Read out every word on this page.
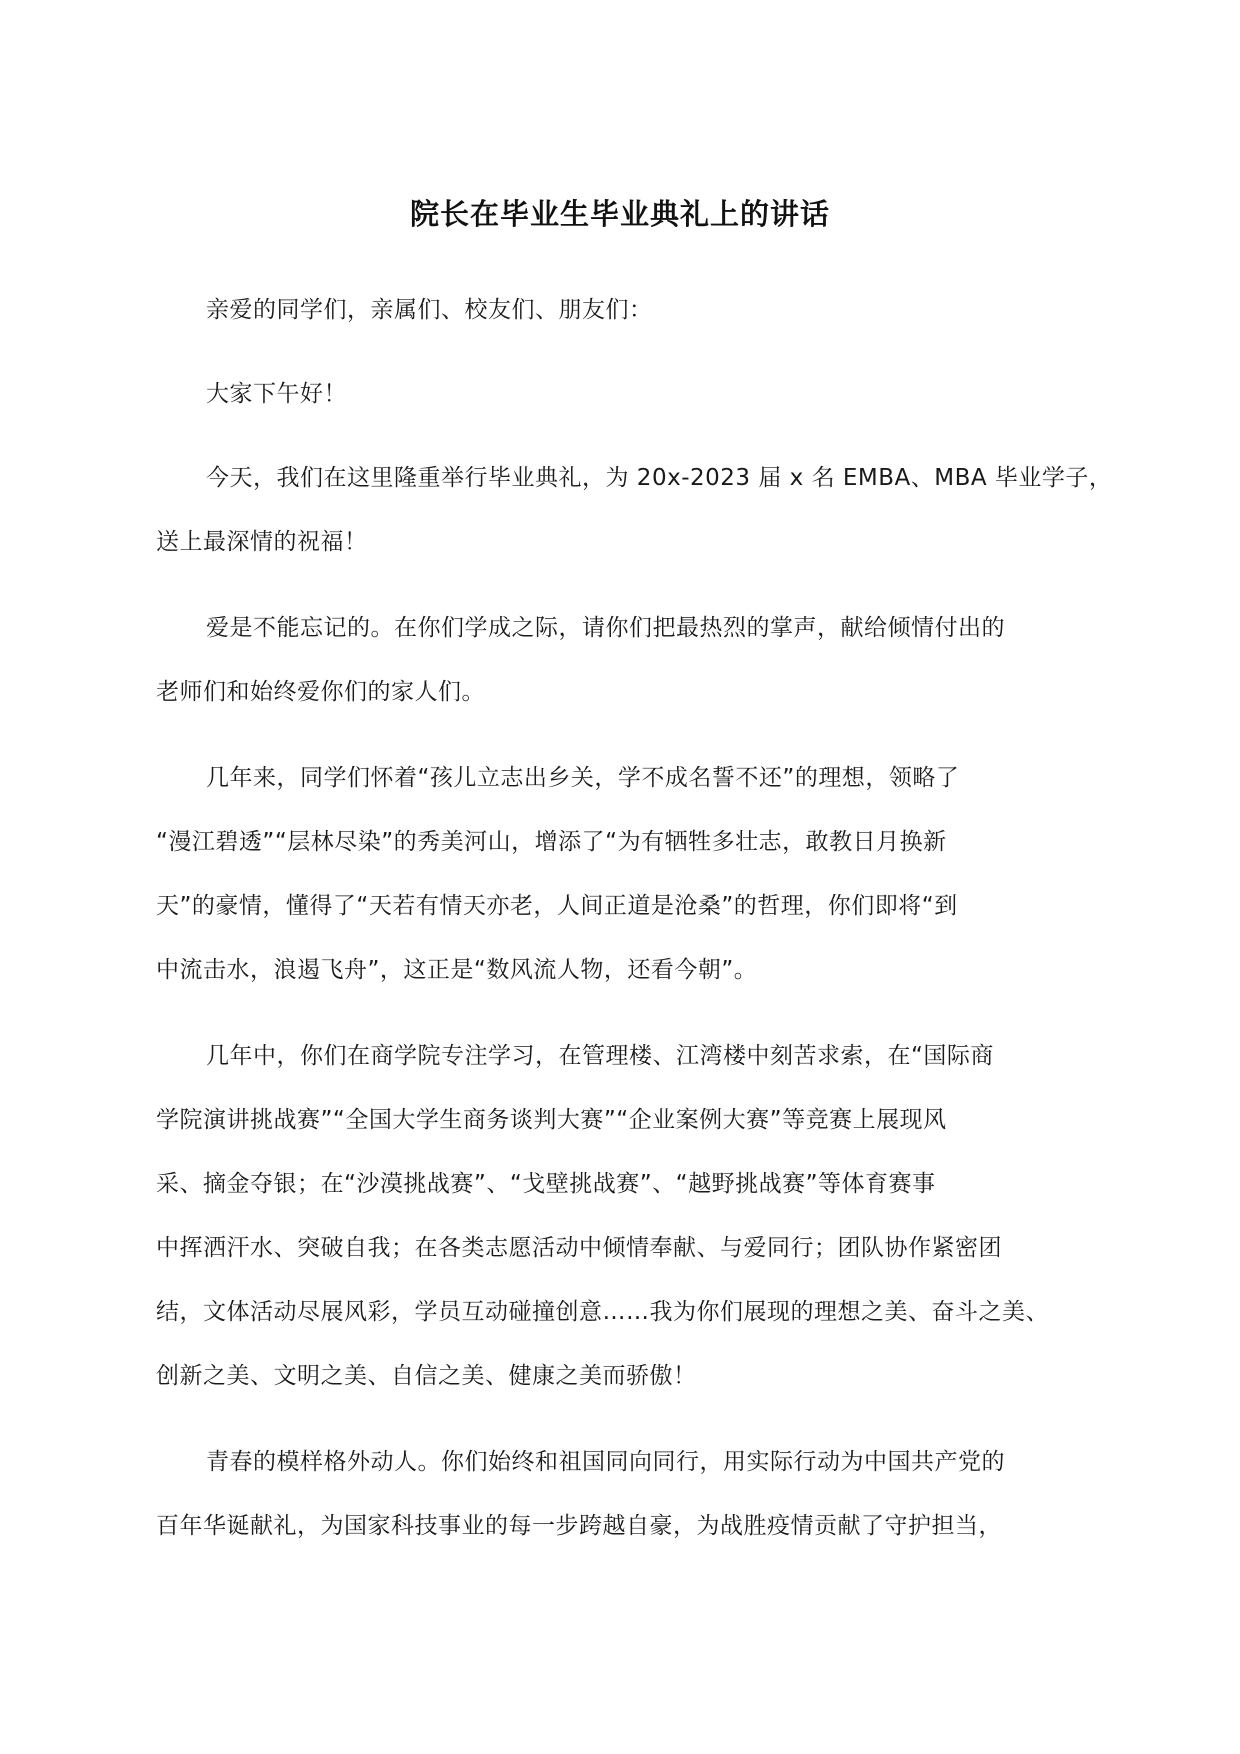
院长在毕业生毕业典礼上的讲话

亲爱的同学们，亲属们、校友们、朋友们：

大家下午好！

今天，我们在这里隆重举行毕业典礼，为 20x-2023 届 x 名 EMBA、MBA 毕业学子，
送上最深情的祝福！

爱是不能忘记的。在你们学成之际，请你们把最热烈的掌声，献给倾情付出的
老师们和始终爱你们的家人们。

几年来，同学们怀着“孩儿立志出乡关，学不成名誓不还”的理想，领略了
“漫江碧透”“层林尽染”的秀美河山，增添了“为有牺牲多壮志，敢教日月换新
天”的豪情，懂得了“天若有情天亦老，人间正道是沧桑”的哲理，你们即将“到
中流击水，浪遏飞舟”，这正是“数风流人物，还看今朝”。

几年中，你们在商学院专注学习，在管理楼、江湾楼中刻苦求索，在“国际商
学院演讲挑战赛”“全国大学生商务谈判大赛”“企业案例大赛”等竞赛上展现风
采、摘金夺银；在“沙漠挑战赛”、“戈壁挑战赛”、“越野挑战赛”等体育赛事
中挥洒汗水、突破自我；在各类志愿活动中倾情奉献、与爱同行；团队协作紧密团
结，文体活动尽展风彩，学员互动碰撞创意……我为你们展现的理想之美、奋斗之美、
创新之美、文明之美、自信之美、健康之美而骄傲！

青春的模样格外动人。你们始终和祖国同向同行，用实际行动为中国共产党的
百年华诞献礼，为国家科技事业的每一步跨越自豪，为战胜疫情贡献了守护担当，
